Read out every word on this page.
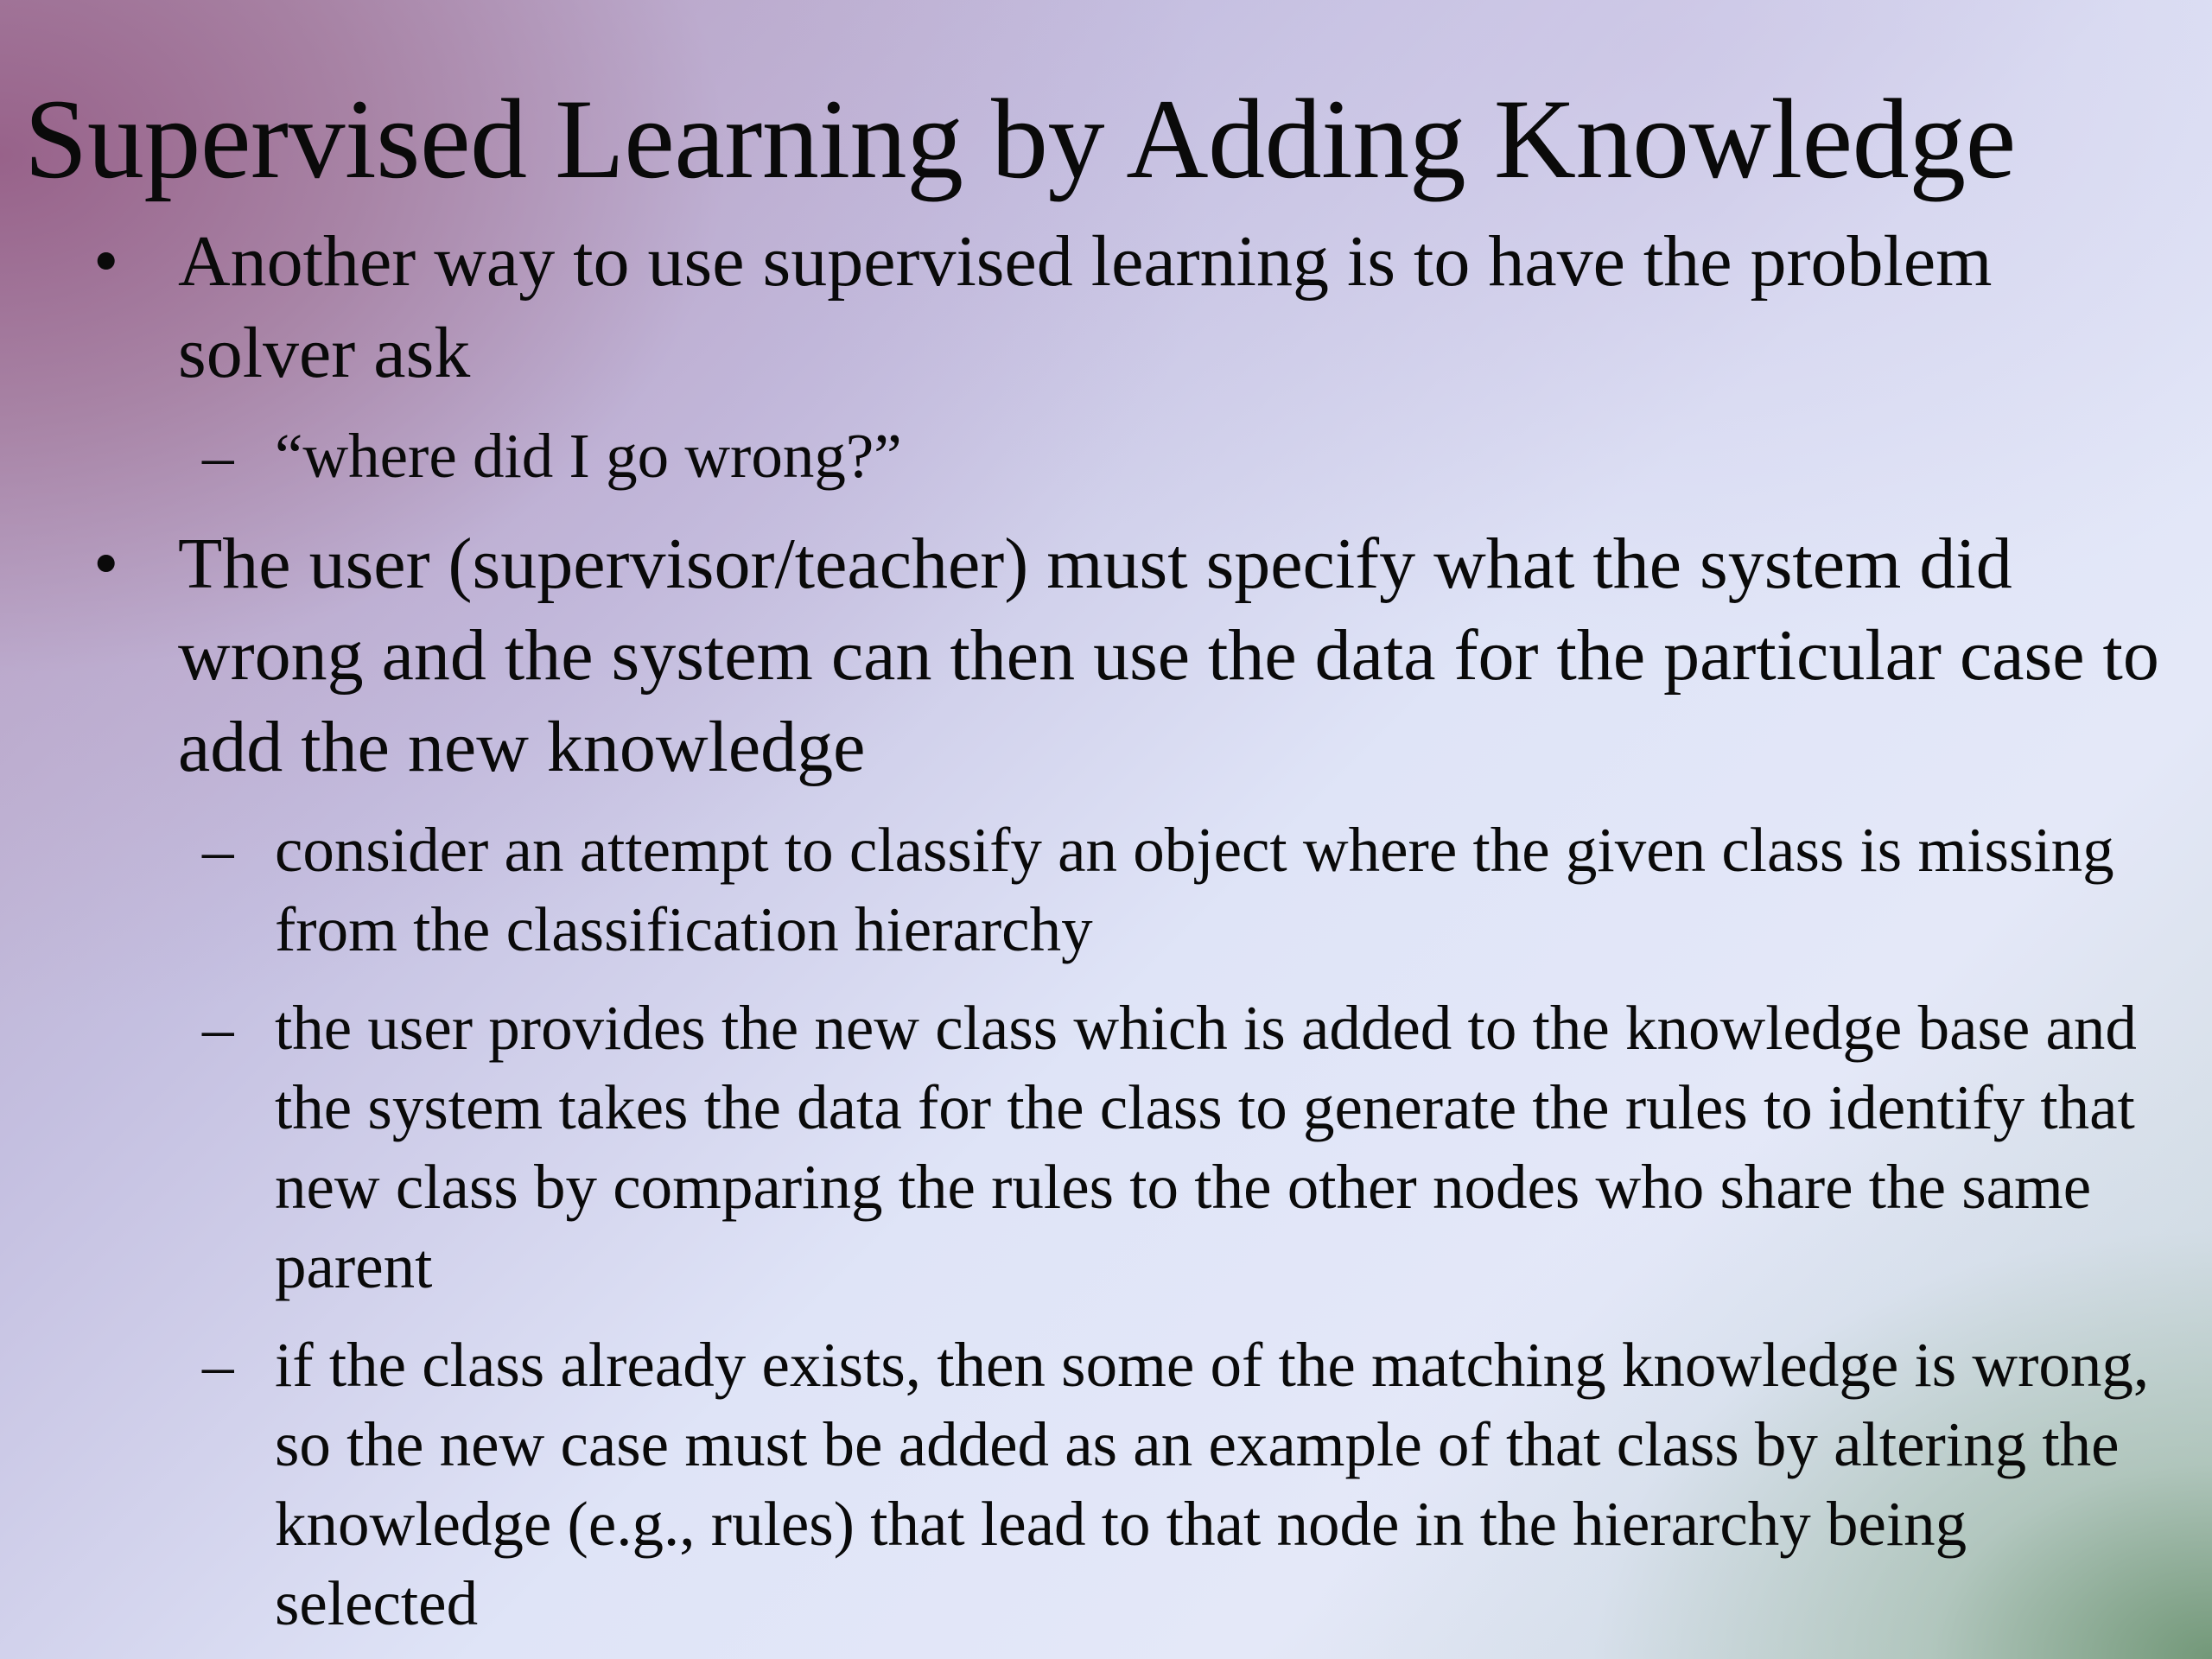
Supervised Learning by Adding Knowledge
• Another way to use supervised learning is to have the problem solver ask
– “where did I go wrong?”
• The user (supervisor/teacher) must specify what the system did wrong and the system can then use the data for the particular case to add the new knowledge
– consider an attempt to classify an object where the given class is missing from the classification hierarchy
– the user provides the new class which is added to the knowledge base and the system takes the data for the class to generate the rules to identify that new class by comparing the rules to the other nodes who share the same parent
– if the class already exists, then some of the matching knowledge is wrong, so the new case must be added as an example of that class by altering the knowledge (e.g., rules) that lead to that node in the hierarchy being selected
